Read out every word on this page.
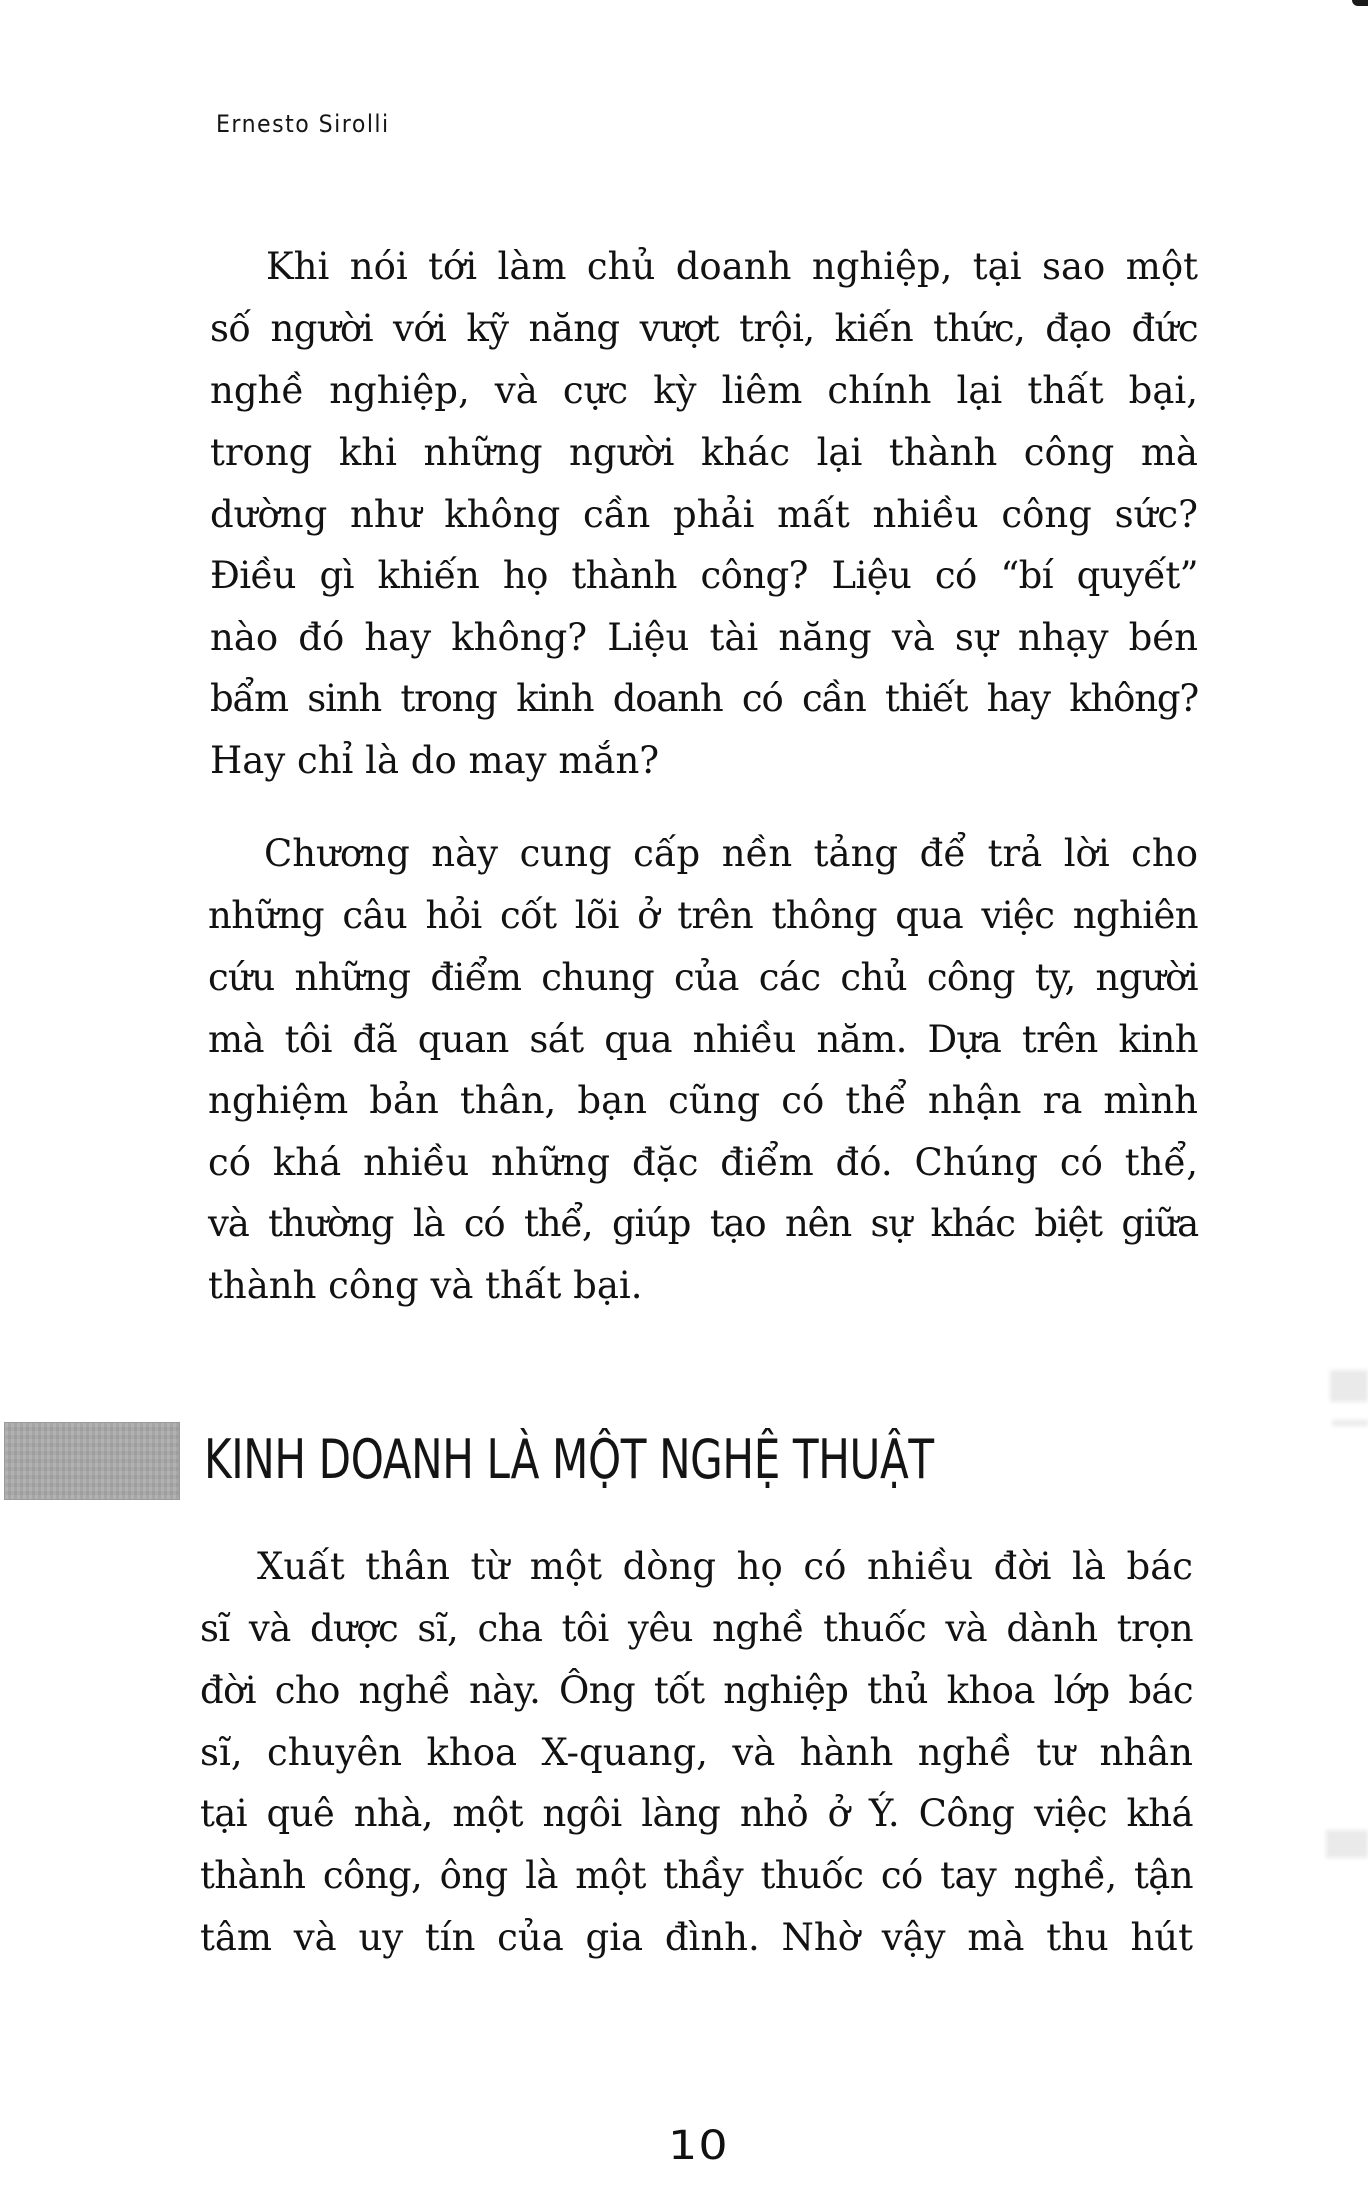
Ernesto Sirolli
Khi nói tới làm chủ doanh nghiệp, tại sao một
số người với kỹ năng vượt trội, kiến thức, đạo đức
nghề nghiệp, và cực kỳ liêm chính lại thất bại,
trong khi những người khác lại thành công mà
dường như không cần phải mất nhiều công sức?
Điều gì khiến họ thành công? Liệu có “bí quyết”
nào đó hay không? Liệu tài năng và sự nhạy bén
bẩm sinh trong kinh doanh có cần thiết hay không?
Hay chỉ là do may mắn?
Chương này cung cấp nền tảng để trả lời cho
những câu hỏi cốt lõi ở trên thông qua việc nghiên
cứu những điểm chung của các chủ công ty, người
mà tôi đã quan sát qua nhiều năm. Dựa trên kinh
nghiệm bản thân, bạn cũng có thể nhận ra mình
có khá nhiều những đặc điểm đó. Chúng có thể,
và thường là có thể, giúp tạo nên sự khác biệt giữa
thành công và thất bại.
KINH DOANH LÀ MỘT NGHỆ THUẬT
Xuất thân từ một dòng họ có nhiều đời là bác
sĩ và dược sĩ, cha tôi yêu nghề thuốc và dành trọn
đời cho nghề này. Ông tốt nghiệp thủ khoa lớp bác
sĩ, chuyên khoa X-quang, và hành nghề tư nhân
tại quê nhà, một ngôi làng nhỏ ở Ý. Công việc khá
thành công, ông là một thầy thuốc có tay nghề, tận
tâm và uy tín của gia đình. Nhờ vậy mà thu hút
10
